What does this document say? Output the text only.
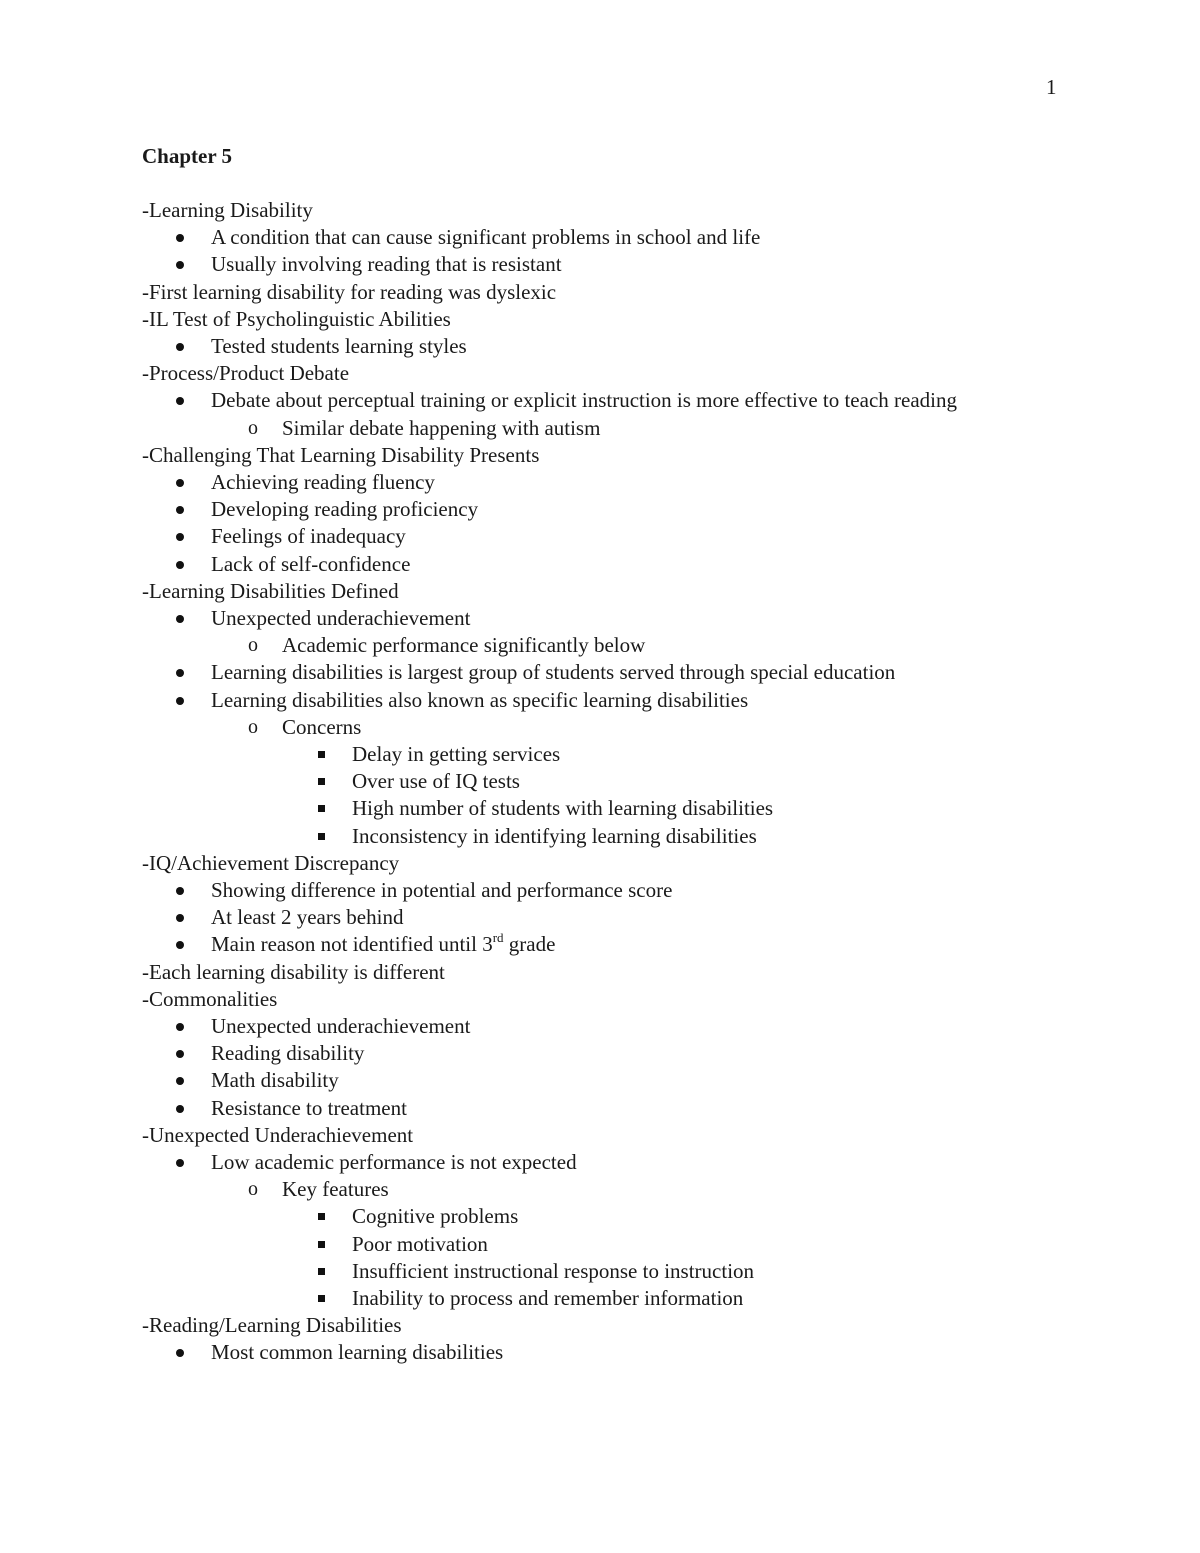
1
Chapter 5
-Learning Disability
A condition that can cause significant problems in school and life
Usually involving reading that is resistant
-First learning disability for reading was dyslexic
-IL Test of Psycholinguistic Abilities
Tested students learning styles
-Process/Product Debate
Debate about perceptual training or explicit instruction is more effective to teach reading
o Similar debate happening with autism
-Challenging That Learning Disability Presents
Achieving reading fluency
Developing reading proficiency
Feelings of inadequacy
Lack of self-confidence
-Learning Disabilities Defined
Unexpected underachievement
o Academic performance significantly below
Learning disabilities is largest group of students served through special education
Learning disabilities also known as specific learning disabilities
o Concerns
Delay in getting services
Over use of IQ tests
High number of students with learning disabilities
Inconsistency in identifying learning disabilities
-IQ/Achievement Discrepancy
Showing difference in potential and performance score
At least 2 years behind
Main reason not identified until 3rd grade
-Each learning disability is different
-Commonalities
Unexpected underachievement
Reading disability
Math disability
Resistance to treatment
-Unexpected Underachievement
Low academic performance is not expected
o Key features
Cognitive problems
Poor motivation
Insufficient instructional response to instruction
Inability to process and remember information
-Reading/Learning Disabilities
Most common learning disabilities
